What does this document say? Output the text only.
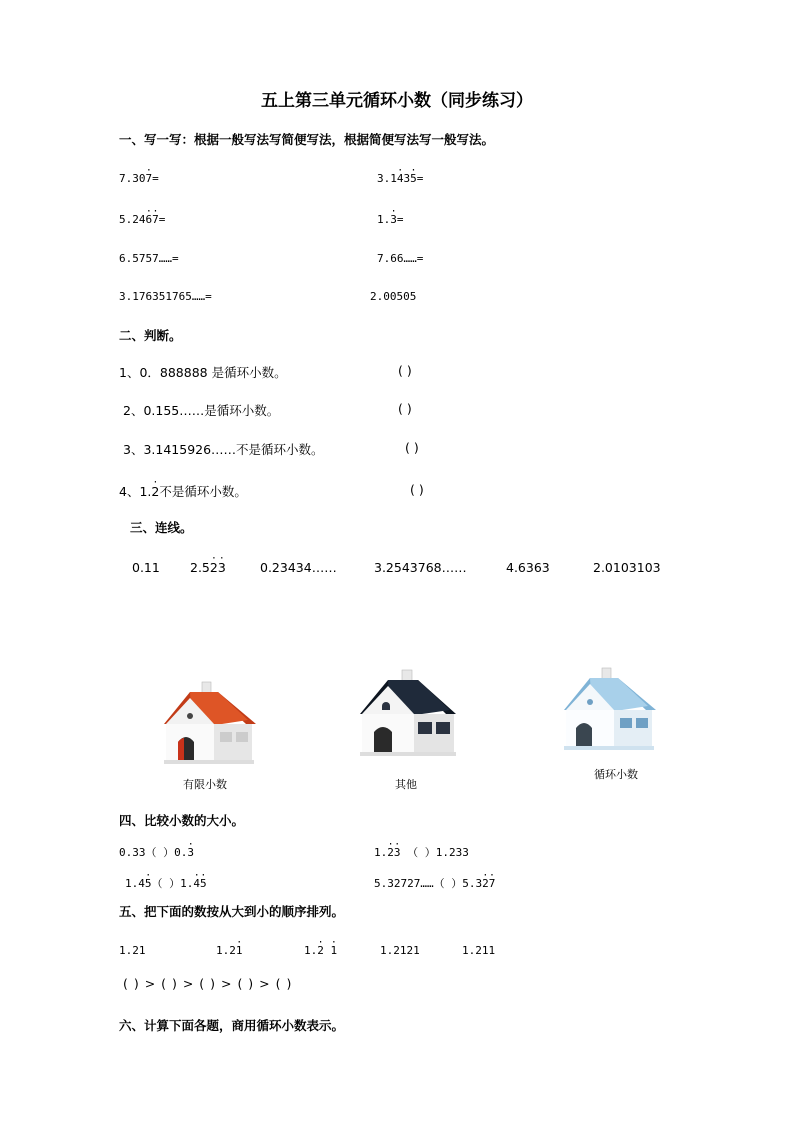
五上第三单元循环小数（同步练习）
一、写一写：根据一般写法写简便写法，根据简便写法写一般写法。
7.30· 7=	3.1· 43· 5=
5.24· 6· 7=	1.· 3=
6.5757……=	7.66……=
3.176351765……=	2.00505
二、判断。
1、0．888888 是循环小数。	( )
2、0.155……是循环小数。	( )
3、3.1415926……不是循环小数。	( )
4、1.· 2不是循环小数。	( )
三、连线。
0.11 2.5· 2· 3	0.23434……	3.2543768……	4.6363	2.0103103
有限小数	其他
循环小数
四、比较小数的大小。
0.33（ ）0.· 3	1.· 2· 3 （ ）1.233
1.4· 5（ ）1.· 4· 5	5.32727……（ ）5.3· 2· 7
五、把下面的数按从大到小的顺序排列。
1.21	1.2· 1	1.· 2 · 1	1.2121	1.211
( ) > ( ) > ( ) > ( ) > ( )
六、计算下面各题，商用循环小数表示。
